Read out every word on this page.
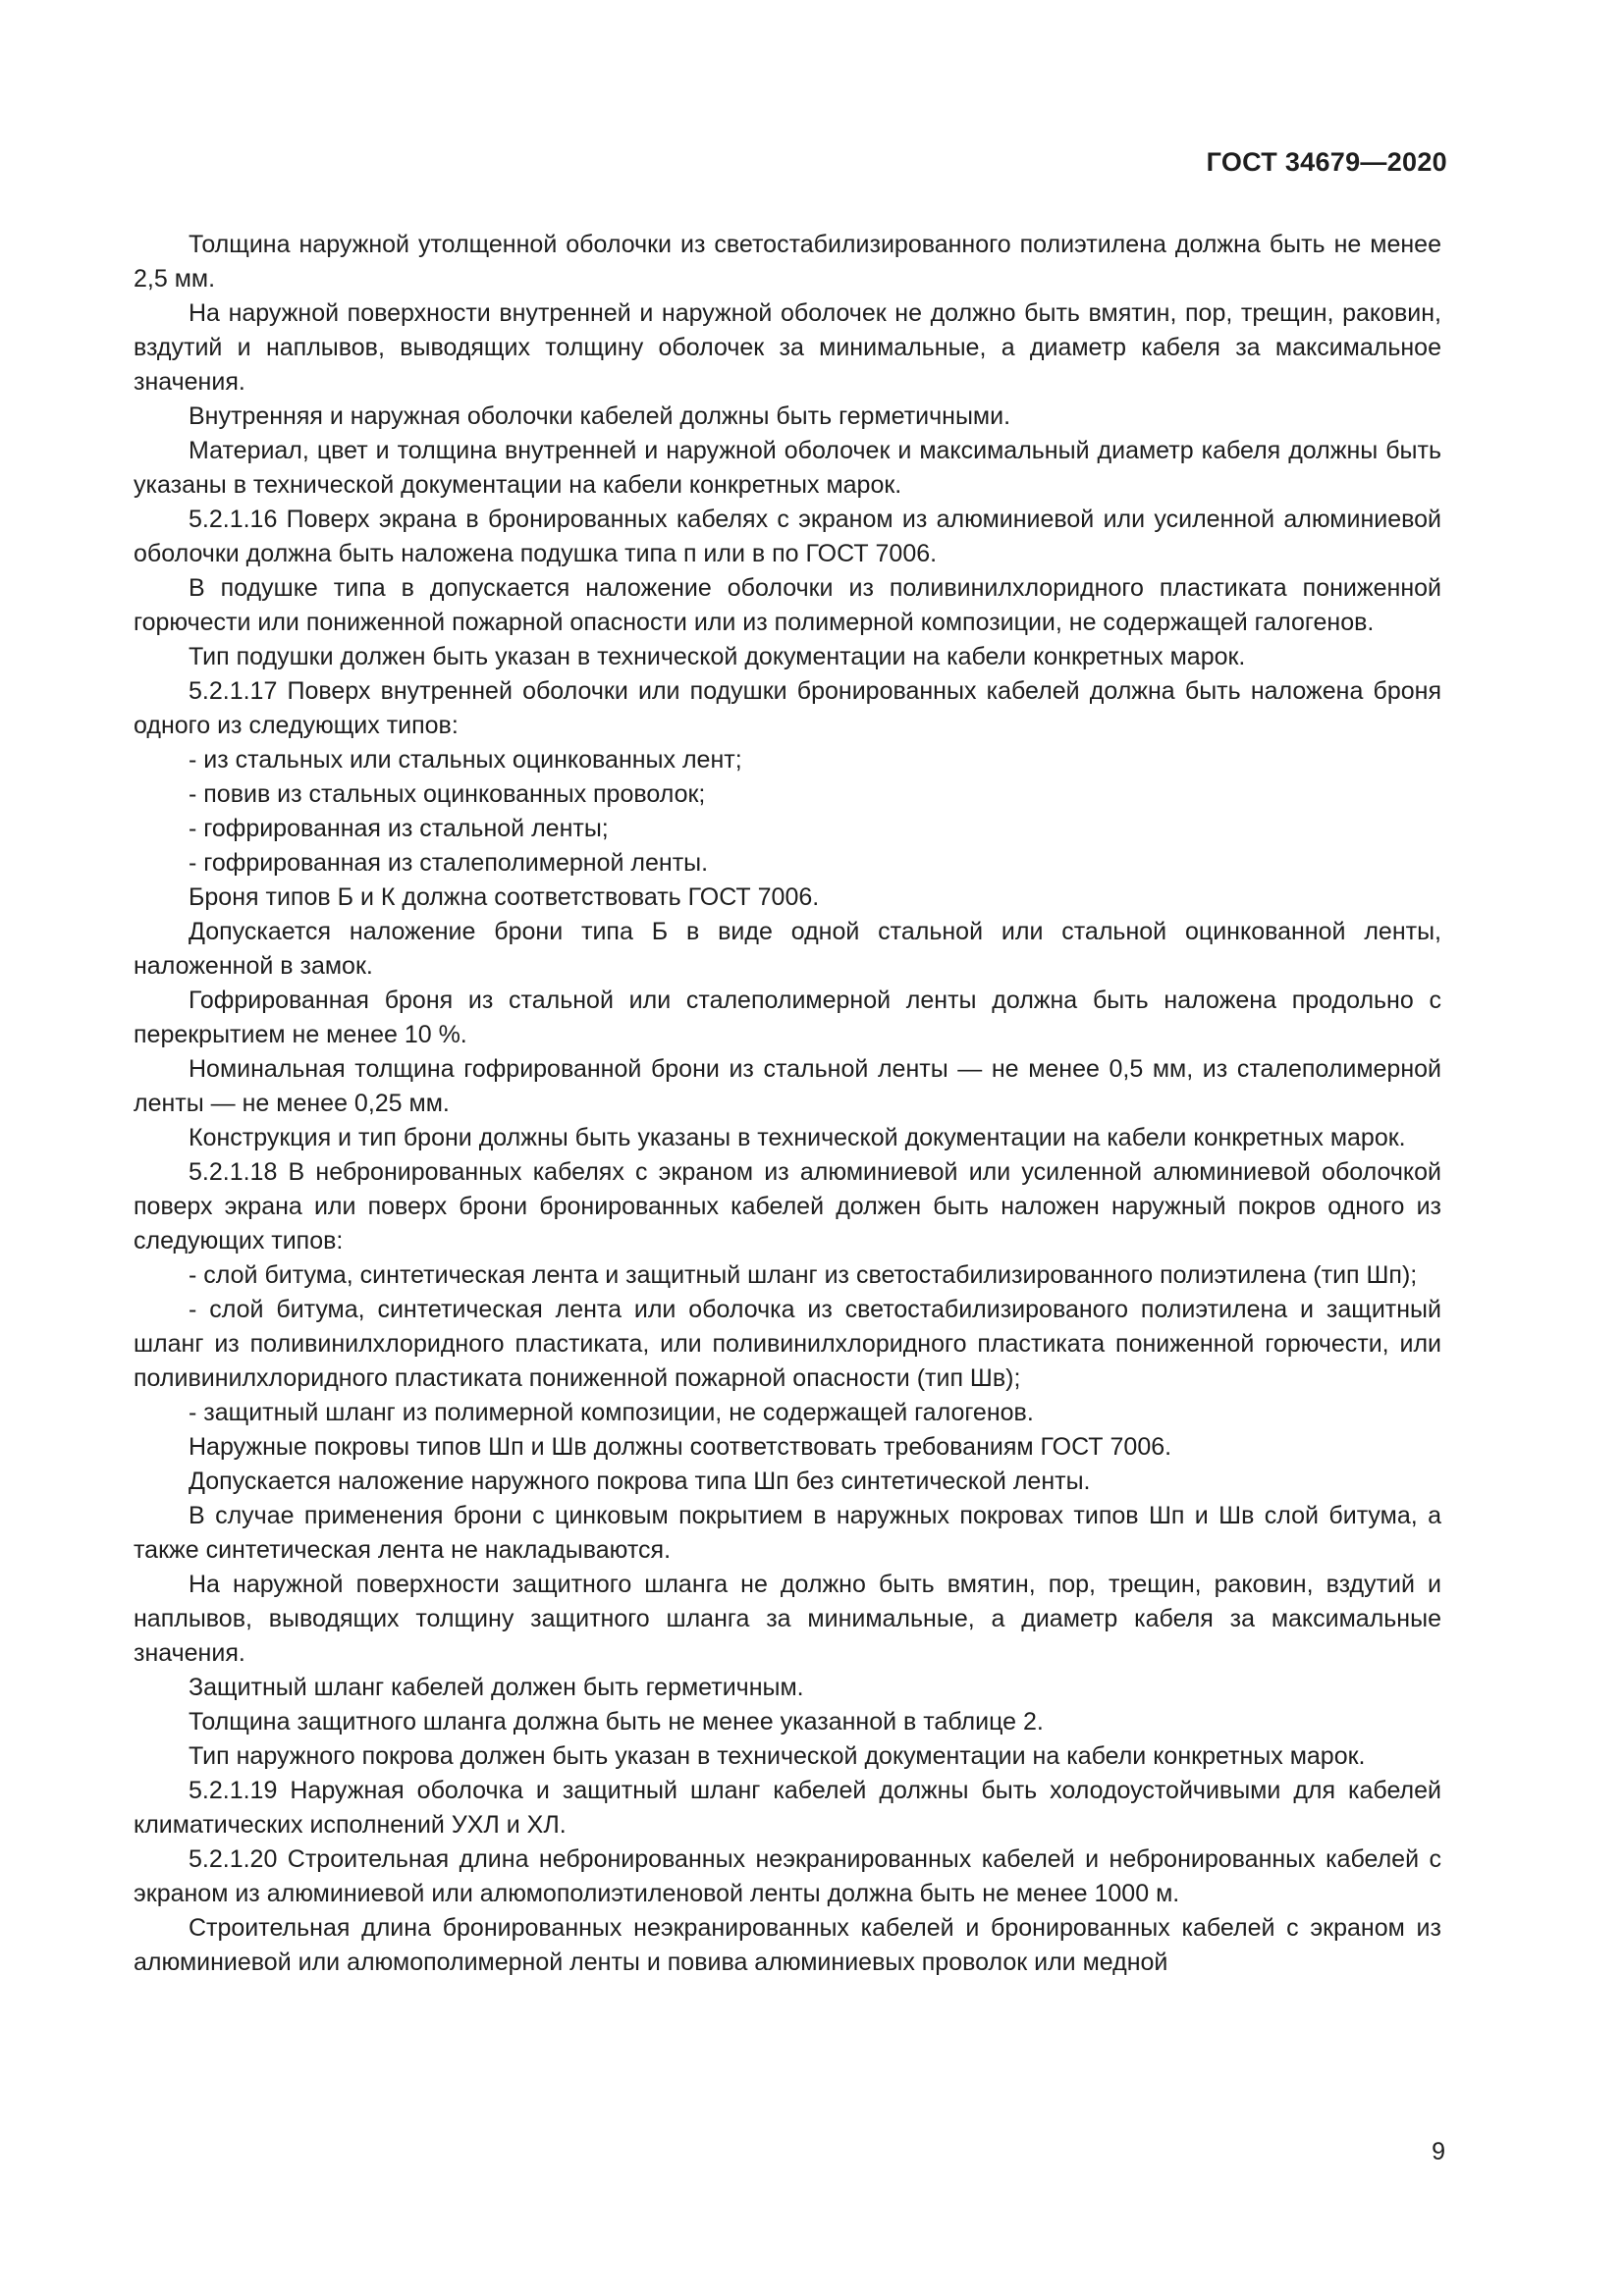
ГОСТ 34679—2020

Толщина наружной утолщенной оболочки из светостабилизированного полиэтилена должна быть не менее 2,5 мм.

На наружной поверхности внутренней и наружной оболочек не должно быть вмятин, пор, трещин, раковин, вздутий и наплывов, выводящих толщину оболочек за минимальные, а диаметр кабеля за максимальное значения.

Внутренняя и наружная оболочки кабелей должны быть герметичными.

Материал, цвет и толщина внутренней и наружной оболочек и максимальный диаметр кабеля должны быть указаны в технической документации на кабели конкретных марок.

5.2.1.16 Поверх экрана в бронированных кабелях с экраном из алюминиевой или усиленной алюминиевой оболочки должна быть наложена подушка типа п или в по ГОСТ 7006.

В подушке типа в допускается наложение оболочки из поливинилхлоридного пластиката пониженной горючести или пониженной пожарной опасности или из полимерной композиции, не содержащей галогенов.

Тип подушки должен быть указан в технической документации на кабели конкретных марок.

5.2.1.17 Поверх внутренней оболочки или подушки бронированных кабелей должна быть наложена броня одного из следующих типов:

- из стальных или стальных оцинкованных лент;

- повив из стальных оцинкованных проволок;

- гофрированная из стальной ленты;

- гофрированная из сталеполимерной ленты.

Броня типов Б и К должна соответствовать ГОСТ 7006.

Допускается наложение брони типа Б в виде одной стальной или стальной оцинкованной ленты, наложенной в замок.

Гофрированная броня из стальной или сталеполимерной ленты должна быть наложена продольно с перекрытием не менее 10 %.

Номинальная толщина гофрированной брони из стальной ленты — не менее 0,5 мм, из сталеполимерной ленты — не менее 0,25 мм.

Конструкция и тип брони должны быть указаны в технической документации на кабели конкретных марок.

5.2.1.18 В небронированных кабелях с экраном из алюминиевой или усиленной алюминиевой оболочкой поверх экрана или поверх брони бронированных кабелей должен быть наложен наружный покров одного из следующих типов:

- слой битума, синтетическая лента и защитный шланг из светостабилизированного полиэтилена (тип Шп);

- слой битума, синтетическая лента или оболочка из светостабилизированого полиэтилена и защитный шланг из поливинилхлоридного пластиката, или поливинилхлоридного пластиката пониженной горючести, или поливинилхлоридного пластиката пониженной пожарной опасности (тип Шв);

- защитный шланг из полимерной композиции, не содержащей галогенов.

Наружные покровы типов Шп и Шв должны соответствовать требованиям ГОСТ 7006.

Допускается наложение наружного покрова типа Шп без синтетической ленты.

В случае применения брони с цинковым покрытием в наружных покровах типов Шп и Шв слой битума, а также синтетическая лента не накладываются.

На наружной поверхности защитного шланга не должно быть вмятин, пор, трещин, раковин, вздутий и наплывов, выводящих толщину защитного шланга за минимальные, а диаметр кабеля за максимальные значения.

Защитный шланг кабелей должен быть герметичным.

Толщина защитного шланга должна быть не менее указанной в таблице 2.

Тип наружного покрова должен быть указан в технической документации на кабели конкретных марок.

5.2.1.19 Наружная оболочка и защитный шланг кабелей должны быть холодоустойчивыми для кабелей климатических исполнений УХЛ и ХЛ.

5.2.1.20 Строительная длина небронированных неэкранированных кабелей и небронированных кабелей с экраном из алюминиевой или алюмополиэтиленовой ленты должна быть не менее 1000 м.

Строительная длина бронированных неэкранированных кабелей и бронированных кабелей с экраном из алюминиевой или алюмополимерной ленты и повива алюминиевых проволок или медной

9
